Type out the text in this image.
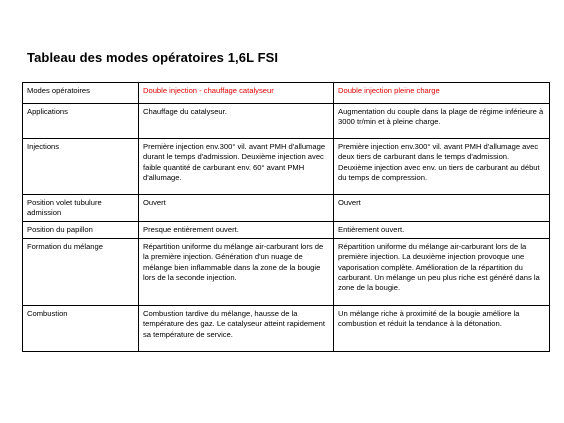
Tableau des modes opératoires 1,6L FSI
Modes opératoires	Double injection - chauffage catalyseur	Double injection pleine charge
Applications	Chauffage du catalyseur.	Augmentation du couple dans la plage de régime inférieure à 3000 tr/min et à pleine charge.
Injections	Première injection env.300° vil. avant PMH d'allumage durant le temps d'admission. Deuxième injection avec faible quantité de carburant env. 60° avant PMH d'allumage.	Première injection env.300° vil. avant PMH d'allumage avec deux tiers de carburant dans le temps d'admission. Deuxième injection avec env. un tiers de carburant au début du temps de compression.
Position volet tubulure admission	Ouvert	Ouvert
Position du papillon	Presque entièrement ouvert.	Entièrement ouvert.
Formation du mélange	Répartition uniforme du mélange air-carburant lors de la première injection. Génération d'un nuage de mélange bien inflammable dans la zone de la bougie lors de la seconde injection.	Répartition uniforme du mélange air-carburant lors de la première injection. La deuxième injection provoque une vaporisation complète. Amélioration de la répartition du carburant. Un mélange un peu plus riche est généré dans la zone de la bougie.
Combustion	Combustion tardive du mélange, hausse de la température des gaz. Le catalyseur atteint rapidement sa température de service.	Un mélange riche à proximité de la bougie améliore la combustion et réduit la tendance à la détonation.
